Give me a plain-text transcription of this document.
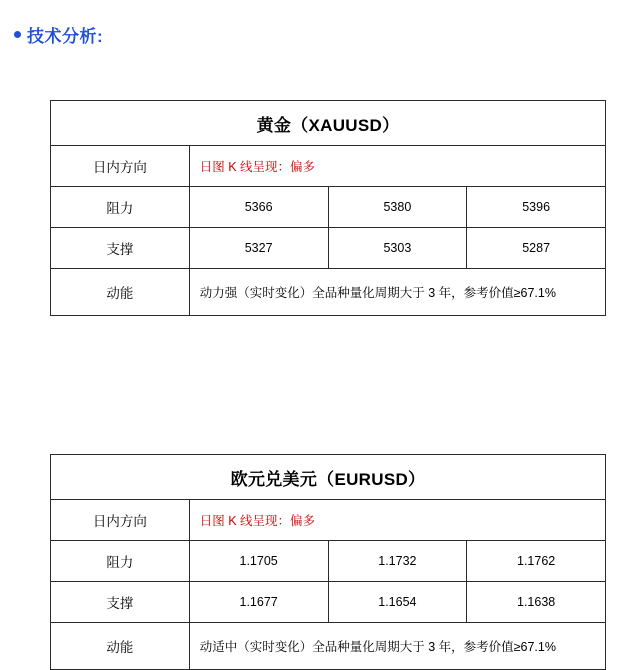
技术分析:
黄金（XAUUSD）			
日内方向	日图 K 线呈现：偏多		
阻力	5366	5380	5396
支撑	5327	5303	5287
动能	动力强（实时变化）全品种量化周期大于 3 年，参考价值≥67.1%		
欧元兑美元（EURUSD）			
日内方向	日图 K 线呈现：偏多		
阻力	1.1705	1.1732	1.1762
支撑	1.1677	1.1654	1.1638
动能	动适中（实时变化）全品种量化周期大于 3 年，参考价值≥67.1%		
